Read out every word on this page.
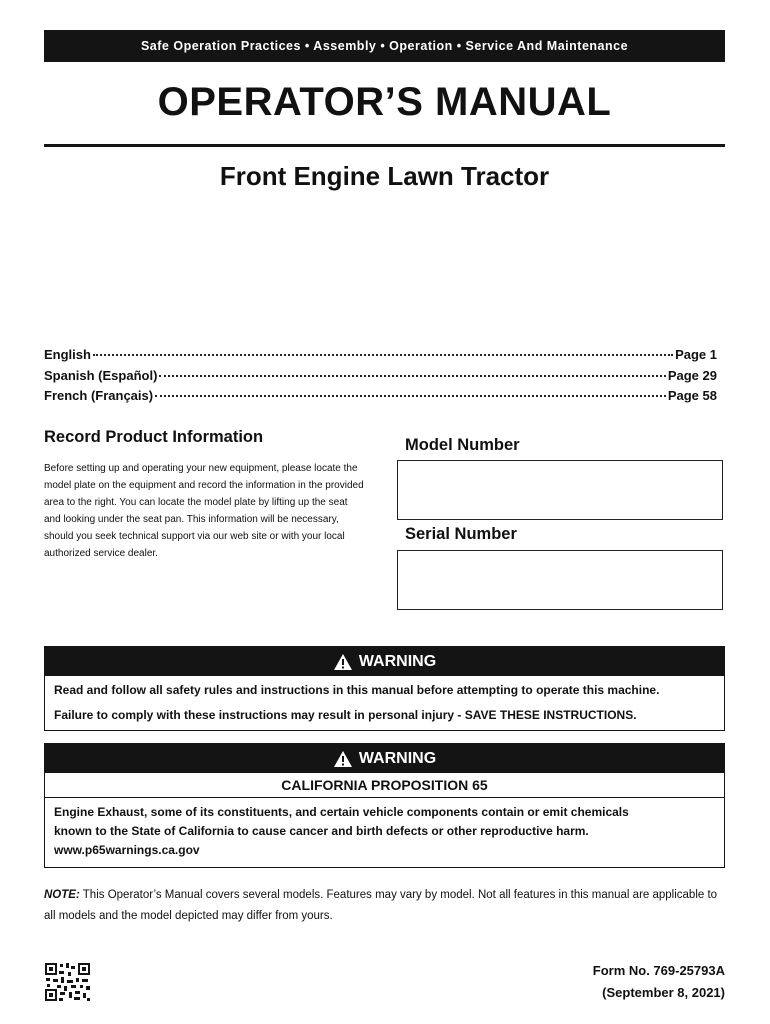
Safe Operation Practices • Assembly • Operation • Service And Maintenance
OPERATOR’S MANUAL
Front Engine Lawn Tractor
English	Page 1
Spanish (Español)	Page 29
French (Français)	Page 58
Record Product Information
Before setting up and operating your new equipment, please locate the model plate on the equipment and record the information in the provided area to the right. You can locate the model plate by lifting up the seat and looking under the seat pan. This information will be necessary, should you seek technical support via our web site or with your local authorized service dealer.
Model Number
Serial Number
WARNING
Read and follow all safety rules and instructions in this manual before attempting to operate this machine.
Failure to comply with these instructions may result in personal injury - SAVE THESE INSTRUCTIONS.
WARNING
CALIFORNIA PROPOSITION 65
Engine Exhaust, some of its constituents, and certain vehicle components contain or emit chemicals known to the State of California to cause cancer and birth defects or other reproductive harm. www.p65warnings.ca.gov
NOTE: This Operator’s Manual covers several models. Features may vary by model. Not all features in this manual are applicable to all models and the model depicted may differ from yours.
Form No. 769-25793A
(September 8, 2021)
